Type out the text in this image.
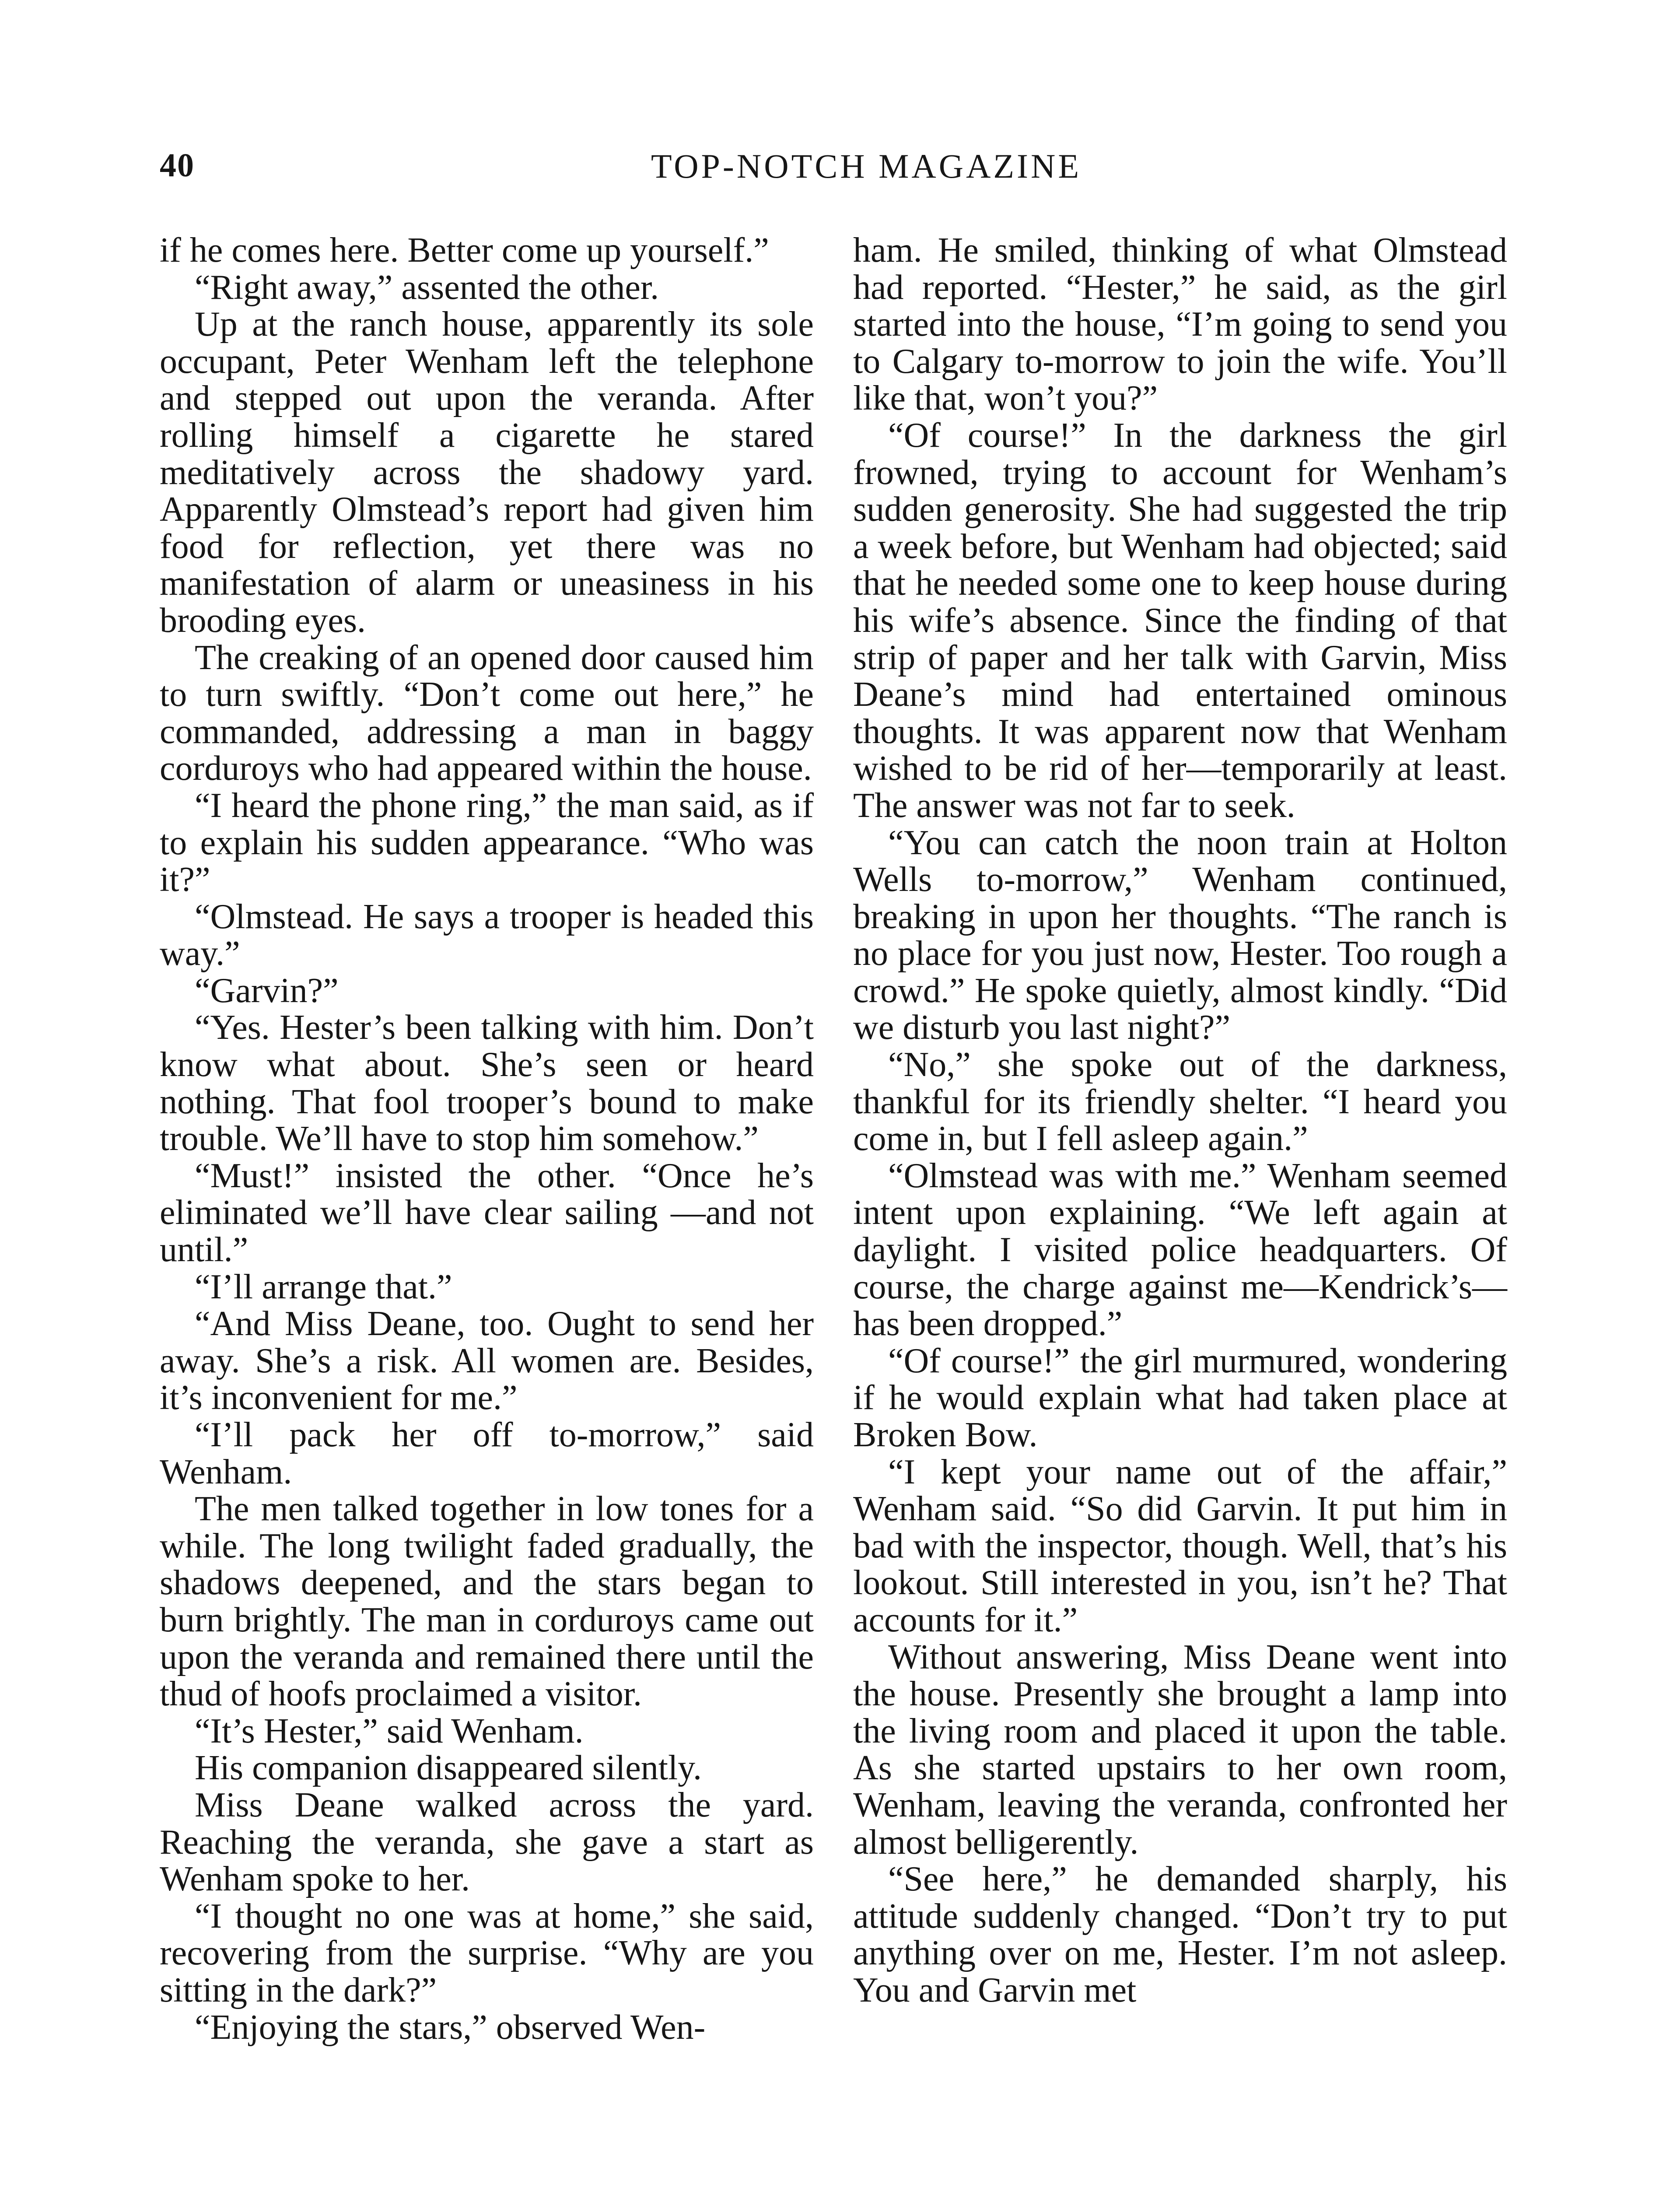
40	TOP-NOTCH MAGAZINE

if he comes here. Better come up yourself.”

“Right away,” assented the other.

Up at the ranch house, apparently its sole occupant, Peter Wenham left the telephone and stepped out upon the veranda. After rolling himself a cigarette he stared meditatively across the shadowy yard. Apparently Olmstead’s report had given him food for reflection, yet there was no manifestation of alarm or uneasiness in his brooding eyes.

The creaking of an opened door caused him to turn swiftly. “Don’t come out here,” he commanded, addressing a man in baggy corduroys who had appeared within the house.

“I heard the phone ring,” the man said, as if to explain his sudden appearance. “Who was it?”

“Olmstead. He says a trooper is headed this way.”

“Garvin?”

“Yes. Hester’s been talking with him. Don’t know what about. She’s seen or heard nothing. That fool trooper’s bound to make trouble. We’ll have to stop him somehow.”

“Must!” insisted the other. “Once he’s eliminated we’ll have clear sailing —and not until.”

“I’ll arrange that.”

“And Miss Deane, too. Ought to send her away. She’s a risk. All women are. Besides, it’s inconvenient for me.”

“I’ll pack her off to-morrow,” said Wenham.

The men talked together in low tones for a while. The long twilight faded gradually, the shadows deepened, and the stars began to burn brightly. The man in corduroys came out upon the veranda and remained there until the thud of hoofs proclaimed a visitor.

“It’s Hester,” said Wenham.

His companion disappeared silently.

Miss Deane walked across the yard. Reaching the veranda, she gave a start as Wenham spoke to her.

“I thought no one was at home,” she said, recovering from the surprise. “Why are you sitting in the dark?”

“Enjoying the stars,” observed Wen-

ham. He smiled, thinking of what Olmstead had reported. “Hester,” he said, as the girl started into the house, “I’m going to send you to Calgary to-morrow to join the wife. You’ll like that, won’t you?”

“Of course!” In the darkness the girl frowned, trying to account for Wenham’s sudden generosity. She had suggested the trip a week before, but Wenham had objected; said that he needed some one to keep house during his wife’s absence. Since the finding of that strip of paper and her talk with Garvin, Miss Deane’s mind had entertained ominous thoughts. It was apparent now that Wenham wished to be rid of her—temporarily at least. The answer was not far to seek.

“You can catch the noon train at Holton Wells to-morrow,” Wenham continued, breaking in upon her thoughts. “The ranch is no place for you just now, Hester. Too rough a crowd.” He spoke quietly, almost kindly. “Did we disturb you last night?”

“No,” she spoke out of the darkness, thankful for its friendly shelter. “I heard you come in, but I fell asleep again.”

“Olmstead was with me.” Wenham seemed intent upon explaining. “We left again at daylight. I visited police headquarters. Of course, the charge against me—Kendrick’s—has been dropped.”

“Of course!” the girl murmured, wondering if he would explain what had taken place at Broken Bow.

“I kept your name out of the affair,” Wenham said. “So did Garvin. It put him in bad with the inspector, though. Well, that’s his lookout. Still interested in you, isn’t he? That accounts for it.”

Without answering, Miss Deane went into the house. Presently she brought a lamp into the living room and placed it upon the table. As she started upstairs to her own room, Wenham, leaving the veranda, confronted her almost belligerently.

“See here,” he demanded sharply, his attitude suddenly changed. “Don’t try to put anything over on me, Hester. I’m not asleep. You and Garvin met
